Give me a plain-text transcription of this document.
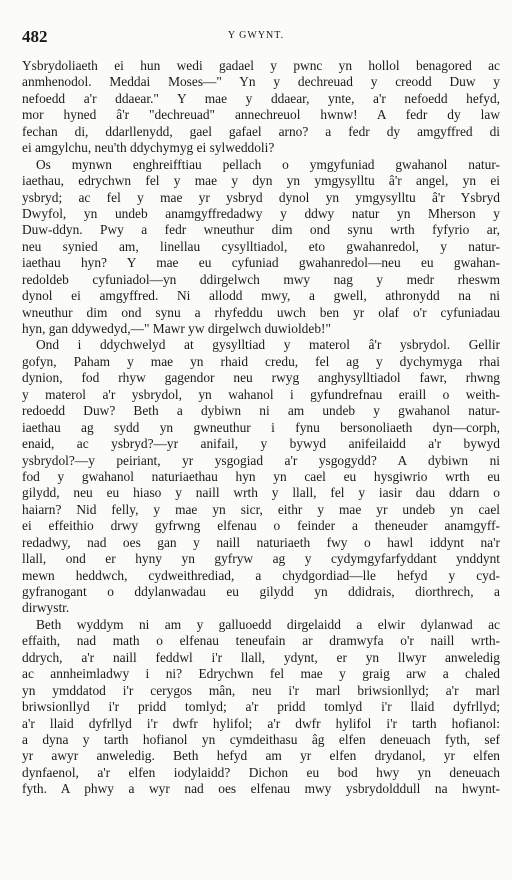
482	Y GWYNT.
Ysbrydoliaeth ei hun wedi gadael y pwnc yn hollol benagored ac
anmhenodol. Meddai Moses—" Yn y dechreuad y creodd Duw y
nefoedd a'r ddaear." Y mae y ddaear, ynte, a'r nefoedd hefyd,
mor hyned â'r "dechreuad" annechreuol hwnw! A fedr dy law
fechan di, ddarllenydd, gael gafael arno? a fedr dy amgyffred di
ei amgylchu, neu'th ddychymyg ei sylweddoli?
Os mynwn enghreifftiau pellach o ymgyfuniad gwahanol natur-
iaethau, edrychwn fel y mae y dyn yn ymgysylltu â'r angel, yn ei
ysbryd; ac fel y mae yr ysbryd dynol yn ymgysylltu â'r Ysbryd
Dwyfol, yn undeb anamgyffredadwy y ddwy natur yn Mherson y
Duw-ddyn. Pwy a fedr wneuthur dim ond synu wrth fyfyrio ar,
neu synied am, linellau cysylltiadol, eto gwahanredol, y natur-
iaethau hyn? Y mae eu cyfuniad gwahanredol—neu eu gwahan-
redoldeb cyfuniadol—yn ddirgelwch mwy nag y medr rheswm
dynol ei amgyffred. Ni allodd mwy, a gwell, athronydd na ni
wneuthur dim ond synu a rhyfeddu uwch ben yr olaf o'r cyfuniadau
hyn, gan ddywedyd,—" Mawr yw dirgelwch duwioldeb!"
Ond i ddychwelyd at gysylltiad y materol â'r ysbrydol. Gellir
gofyn, Paham y mae yn rhaid credu, fel ag y dychymyga rhai
dynion, fod rhyw gagendor neu rwyg anghysylltiadol fawr, rhwng
y materol a'r ysbrydol, yn wahanol i gyfundrefnau eraill o weith-
redoedd Duw? Beth a dybiwn ni am undeb y gwahanol natur-
iaethau ag sydd yn gwneuthur i fynu bersonoliaeth dyn—corph,
enaid, ac ysbryd?—yr anifail, y bywyd anifeilaidd a'r bywyd
ysbrydol?—y peiriant, yr ysgogiad a'r ysgogydd? A dybiwn ni
fod y gwahanol naturiaethau hyn yn cael eu hysgiwrio wrth eu
gilydd, neu eu hiaso y naill wrth y llall, fel y iasir dau ddarn o
haiarn? Nid felly, y mae yn sicr, eithr y mae yr undeb yn cael
ei effeithio drwy gyfrwng elfenau o feinder a theneuder anamgyff-
redadwy, nad oes gan y naill naturiaeth fwy o hawl iddynt na'r
llall, ond er hyny yn gyfryw ag y cydymgyfarfyddant ynddynt
mewn heddwch, cydweithrediad, a chydgordiad—lle hefyd y cyd-
gyfranogant o ddylanwadau eu gilydd yn ddidrais, diorthrech, a
dirwystr.
Beth wyddym ni am y galluoedd dirgelaidd a elwir dylanwad ac
effaith, nad math o elfenau teneufain ar dramwyfa o'r naill wrth-
ddrych, a'r naill feddwl i'r llall, ydynt, er yn llwyr anweledig
ac annheimladwy i ni? Edrychwn fel mae y graig arw a chaled
yn ymddatod i'r cerygos mân, neu i'r marl briwsionllyd; a'r marl
briwsionllyd i'r pridd tomlyd; a'r pridd tomlyd i'r llaid dyfrllyd;
a'r llaid dyfrllyd i'r dwfr hylifol; a'r dwfr hylifol i'r tarth hofianol:
a dyna y tarth hofianol yn cymdeithasu âg elfen deneuach fyth, sef
yr awyr anweledig. Beth hefyd am yr elfen drydanol, yr elfen
dynfaenol, a'r elfen iodylaidd? Dichon eu bod hwy yn deneuach
fyth. A phwy a wyr nad oes elfenau mwy ysbrydolddull na hwynt-
